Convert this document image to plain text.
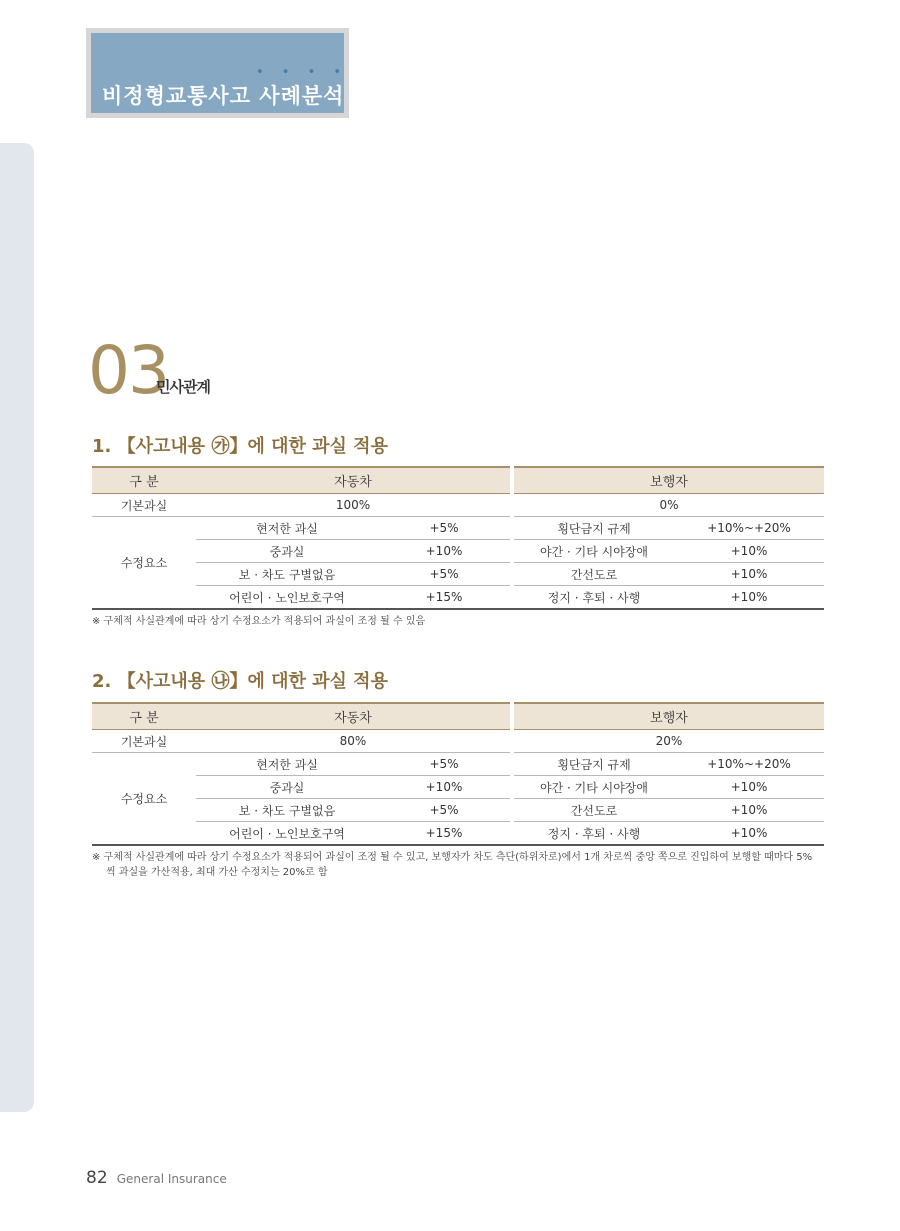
• • • •
비정형교통사고 사례분석
03
민사관계
1. 【사고내용 ㉮】에 대한 과실 적용
구 분	자동차			보행자	
기본과실	100%			0%	
수정요소	현저한 과실	+5%		횡단금지 규제	+10%~+20%
	중과실	+10%		야간 · 기타 시야장애	+10%
	보 · 차도 구별없음	+5%		간선도로	+10%
	어린이 · 노인보호구역	+15%		정지 · 후퇴 · 사행	+10%
※ 구체적 사실관계에 따라 상기 수정요소가 적용되어 과실이 조정 될 수 있음
2. 【사고내용 ㉯】에 대한 과실 적용
구 분	자동차			보행자	
기본과실	80%			20%	
수정요소	현저한 과실	+5%		횡단금지 규제	+10%~+20%
	중과실	+10%		야간 · 기타 시야장애	+10%
	보 · 차도 구별없음	+5%		간선도로	+10%
	어린이 · 노인보호구역	+15%		정지 · 후퇴 · 사행	+10%
※ 구체적 사실관계에 따라 상기 수정요소가 적용되어 과실이 조정 될 수 있고, 보행자가 차도 측단(하위차로)에서 1개 차로씩 중앙 쪽으로 진입하여 보행할 때마다 5%
씩 과실을 가산적용, 최대 가산 수정치는 20%로 함
82 General Insurance
